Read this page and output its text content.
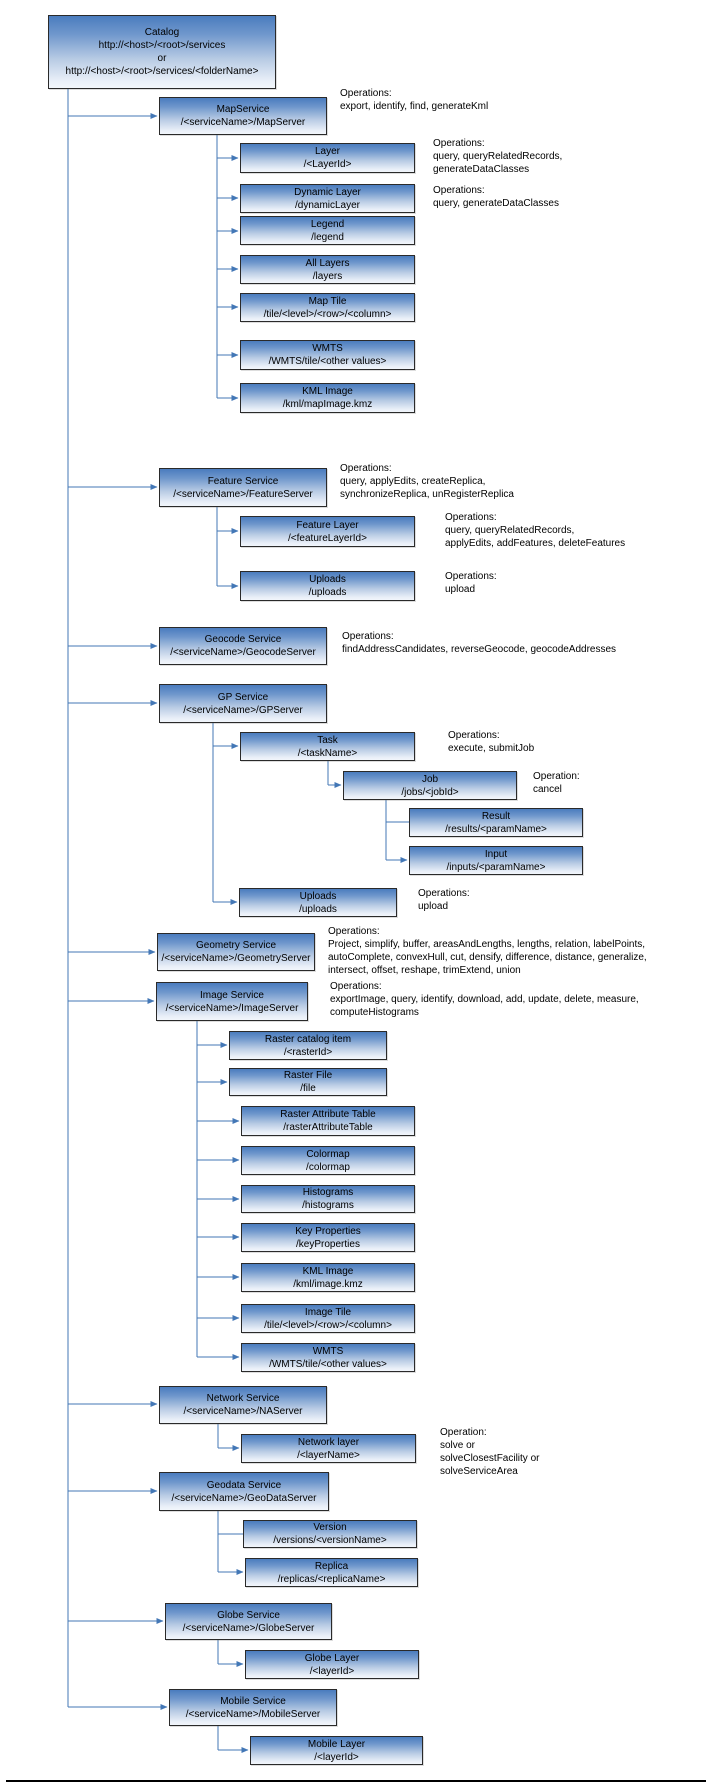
Catalog
http://<host>/<root>/services
or
http://<host>/<root>/services/<folderName>
MapService
/<serviceName>/MapServer
Operations:
export, identify, find, generateKml
Layer
/<LayerId>
Operations:
query, queryRelatedRecords,
generateDataClasses
Dynamic Layer
/dynamicLayer
Operations:
query, generateDataClasses
Legend
/legend
All Layers
/layers
Map Tile
/tile/<level>/<row>/<column>
WMTS
/WMTS/tile/<other values>
KML Image
/kml/mapImage.kmz
Feature Service
/<serviceName>/FeatureServer
Operations:
query, applyEdits, createReplica,
synchronizeReplica, unRegisterReplica
Feature Layer
/<featureLayerId>
Operations:
query, queryRelatedRecords,
applyEdits, addFeatures, deleteFeatures
Uploads
/uploads
Operations:
upload
Geocode Service
/<serviceName>/GeocodeServer
Operations:
findAddressCandidates, reverseGeocode, geocodeAddresses
GP Service
/<serviceName>/GPServer
Task
/<taskName>
Operations:
execute, submitJob
Job
/jobs/<jobId>
Operation:
cancel
Result
/results/<paramName>
Input
/inputs/<paramName>
Uploads
/uploads
Operations:
upload
Geometry Service
/<serviceName>/GeometryServer
Operations:
Project, simplify, buffer, areasAndLengths, lengths, relation, labelPoints,
autoComplete, convexHull, cut, densify, difference, distance, generalize,
intersect, offset, reshape, trimExtend, union
Image Service
/<serviceName>/ImageServer
Operations:
exportImage, query, identify, download, add, update, delete, measure,
computeHistograms
Raster catalog item
/<rasterId>
Raster File
/file
Raster Attribute Table
/rasterAttributeTable
Colormap
/colormap
Histograms
/histograms
Key Properties
/keyProperties
KML Image
/kml/image.kmz
Image Tile
/tile/<level>/<row>/<column>
WMTS
/WMTS/tile/<other values>
Network Service
/<serviceName>/NAServer
Network layer
/<layerName>
Operation:
solve or
solveClosestFacility or
solveServiceArea
Geodata Service
/<serviceName>/GeoDataServer
Version
/versions/<versionName>
Replica
/replicas/<replicaName>
Globe Service
/<serviceName>/GlobeServer
Globe Layer
/<layerId>
Mobile Service
/<serviceName>/MobileServer
Mobile Layer
/<layerId>
